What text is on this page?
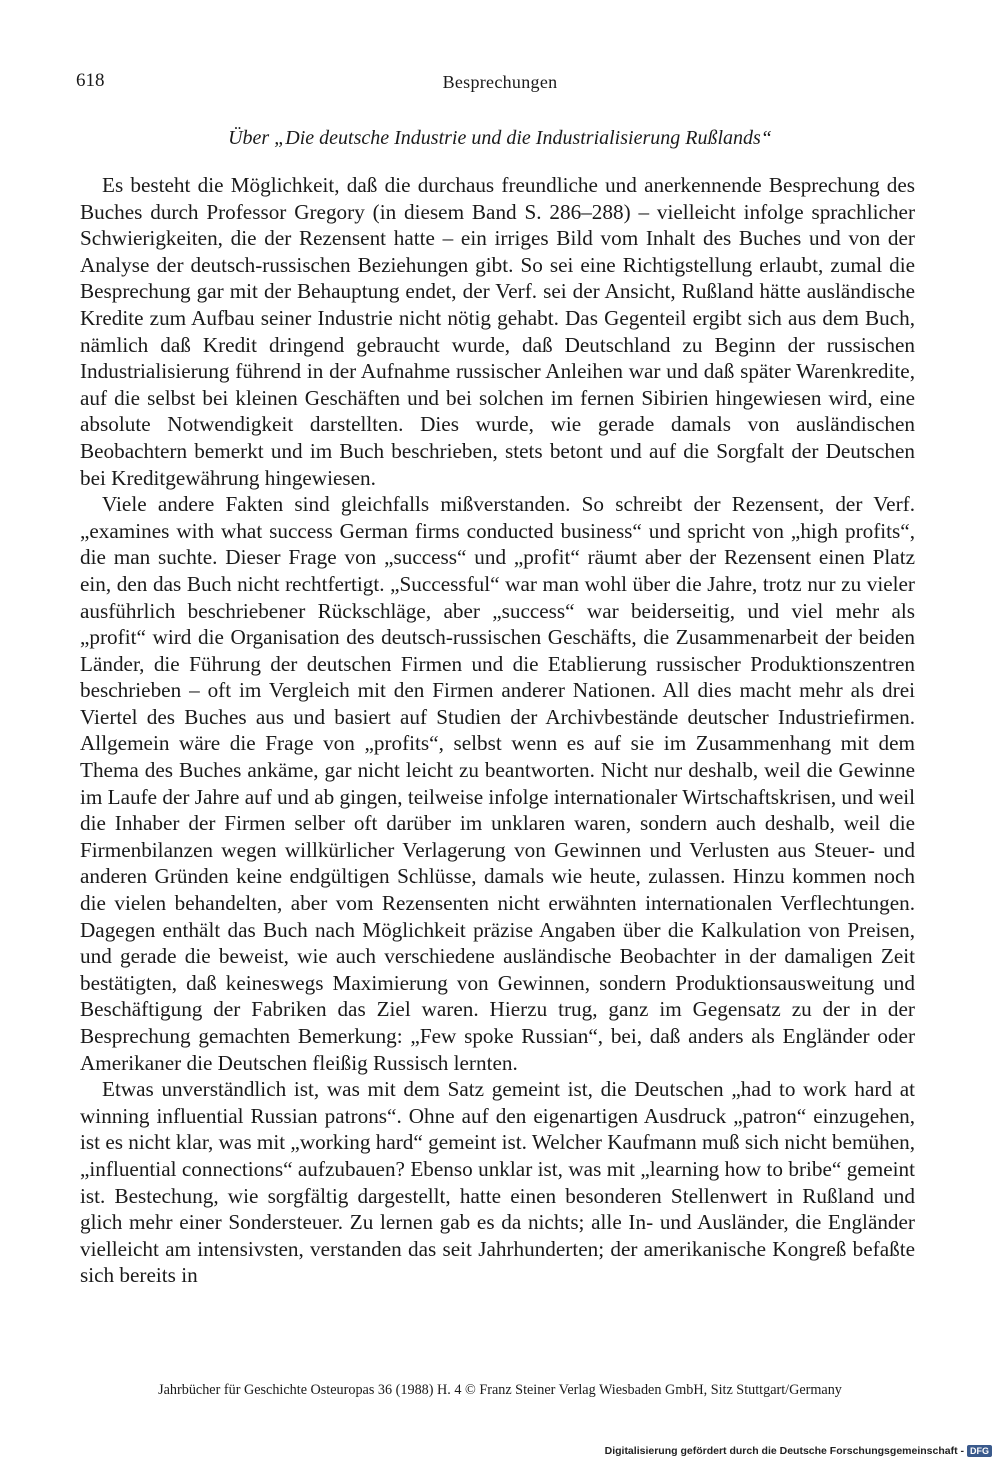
618	Besprechungen
Über „Die deutsche Industrie und die Industrialisierung Rußlands“

Es besteht die Möglichkeit, daß die durchaus freundliche und anerkennende Besprechung des Buches durch Professor Gregory (in diesem Band S. 286–288) – vielleicht infolge sprachlicher Schwierigkeiten, die der Rezensent hatte – ein irriges Bild vom Inhalt des Buches und von der Analyse der deutsch-russischen Beziehungen gibt. So sei eine Richtigstellung erlaubt, zumal die Besprechung gar mit der Behauptung endet, der Verf. sei der Ansicht, Rußland hätte ausländische Kredite zum Aufbau seiner Industrie nicht nötig gehabt. Das Gegenteil ergibt sich aus dem Buch, nämlich daß Kredit dringend gebraucht wurde, daß Deutschland zu Beginn der russischen Industrialisierung führend in der Aufnahme russischer Anleihen war und daß später Warenkredite, auf die selbst bei kleinen Geschäften und bei solchen im fernen Sibirien hingewiesen wird, eine absolute Notwendigkeit darstellten. Dies wurde, wie gerade damals von ausländischen Beobachtern bemerkt und im Buch beschrieben, stets betont und auf die Sorgfalt der Deutschen bei Kreditgewährung hingewiesen.

Viele andere Fakten sind gleichfalls mißverstanden. So schreibt der Rezensent, der Verf. „examines with what success German firms conducted business“ und spricht von „high profits“, die man suchte. Dieser Frage von „success“ und „profit“ räumt aber der Rezensent einen Platz ein, den das Buch nicht rechtfertigt. „Successful“ war man wohl über die Jahre, trotz nur zu vieler ausführlich beschriebener Rückschläge, aber „success“ war beiderseitig, und viel mehr als „profit“ wird die Organisation des deutsch-russischen Geschäfts, die Zusammenarbeit der beiden Länder, die Führung der deutschen Firmen und die Etablierung russischer Produktionszentren beschrieben – oft im Vergleich mit den Firmen anderer Nationen. All dies macht mehr als drei Viertel des Buches aus und basiert auf Studien der Archivbestände deutscher Industriefirmen. Allgemein wäre die Frage von „profits“, selbst wenn es auf sie im Zusammenhang mit dem Thema des Buches ankäme, gar nicht leicht zu beantworten. Nicht nur deshalb, weil die Gewinne im Laufe der Jahre auf und ab gingen, teilweise infolge internationaler Wirtschaftskrisen, und weil die Inhaber der Firmen selber oft darüber im unklaren waren, sondern auch deshalb, weil die Firmenbilanzen wegen willkürlicher Verlagerung von Gewinnen und Verlusten aus Steuer- und anderen Gründen keine endgültigen Schlüsse, damals wie heute, zulassen. Hinzu kommen noch die vielen behandelten, aber vom Rezensenten nicht erwähnten internationalen Verflechtungen. Dagegen enthält das Buch nach Möglichkeit präzise Angaben über die Kalkulation von Preisen, und gerade die beweist, wie auch verschiedene ausländische Beobachter in der damaligen Zeit bestätigten, daß keineswegs Maximierung von Gewinnen, sondern Produktionsausweitung und Beschäftigung der Fabriken das Ziel waren. Hierzu trug, ganz im Gegensatz zu der in der Besprechung gemachten Bemerkung: „Few spoke Russian“, bei, daß anders als Engländer oder Amerikaner die Deutschen fleißig Russisch lernten.

Etwas unverständlich ist, was mit dem Satz gemeint ist, die Deutschen „had to work hard at winning influential Russian patrons“. Ohne auf den eigenartigen Ausdruck „patron“ einzugehen, ist es nicht klar, was mit „working hard“ gemeint ist. Welcher Kaufmann muß sich nicht bemühen, „influential connections“ aufzubauen? Ebenso unklar ist, was mit „learning how to bribe“ gemeint ist. Bestechung, wie sorgfältig dargestellt, hatte einen besonderen Stellenwert in Rußland und glich mehr einer Sondersteuer. Zu lernen gab es da nichts; alle In- und Ausländer, die Engländer vielleicht am intensivsten, verstanden das seit Jahrhunderten; der amerikanische Kongreß befaßte sich bereits in

Jahrbücher für Geschichte Osteuropas 36 (1988) H. 4 © Franz Steiner Verlag Wiesbaden GmbH, Sitz Stuttgart/Germany
Digitalisierung gefördert durch die Deutsche Forschungsgemeinschaft - DFG
